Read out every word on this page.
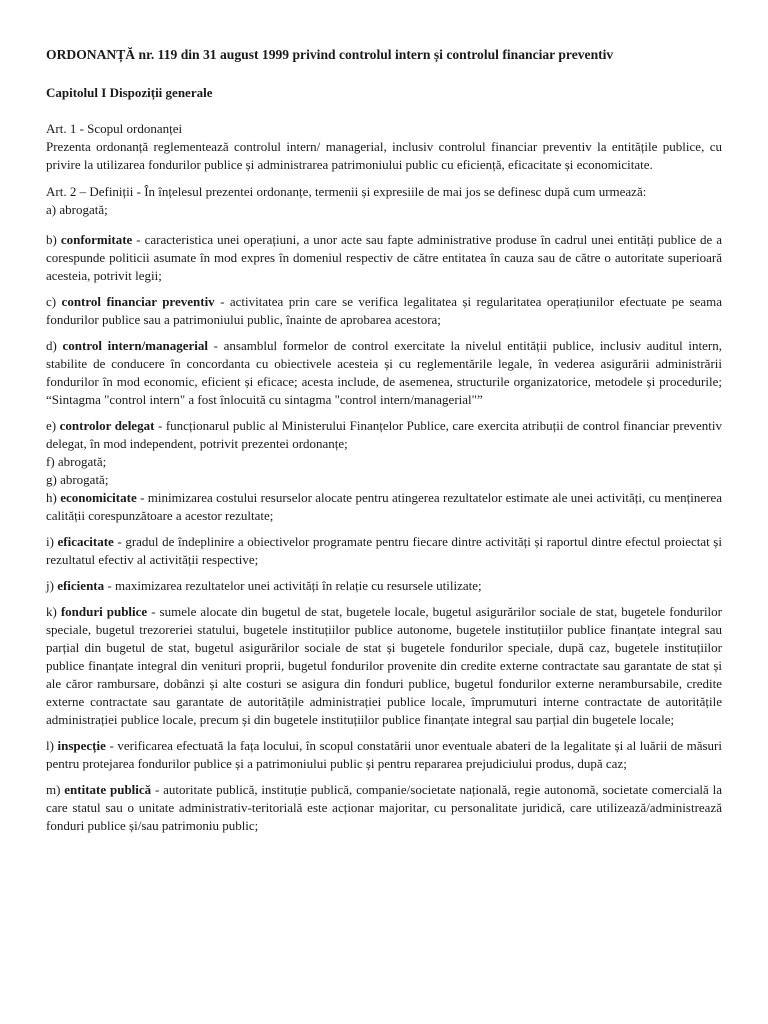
ORDONANȚĂ nr. 119 din 31 august 1999 privind controlul intern și controlul financiar preventiv
Capitolul I Dispoziții generale

Art. 1 - Scopul ordonanței
Prezenta ordonanță reglementează controlul intern/ managerial, inclusiv controlul financiar preventiv la entitățile publice, cu privire la utilizarea fondurilor publice și administrarea patrimoniului public cu eficiență, eficacitate și economicitate.

Art. 2 – Definiții - În înțelesul prezentei ordonanțe, termenii și expresiile de mai jos se definesc după cum urmează:
a) abrogată;

b) conformitate - caracteristica unei operațiuni, a unor acte sau fapte administrative produse în cadrul unei entități publice de a corespunde politicii asumate în mod expres în domeniul respectiv de către entitatea în cauza sau de către o autoritate superioară acesteia, potrivit legii;

c) control financiar preventiv - activitatea prin care se verifica legalitatea și regularitatea operațiunilor efectuate pe seama fondurilor publice sau a patrimoniului public, înainte de aprobarea acestora;

d) control intern/managerial - ansamblul formelor de control exercitate la nivelul entității publice, inclusiv auditul intern, stabilite de conducere în concordanta cu obiectivele acesteia și cu reglementările legale, în vederea asigurării administrării fondurilor în mod economic, eficient și eficace; acesta include, de asemenea, structurile organizatorice, metodele și procedurile; “Sintagma "control intern" a fost înlocuită cu sintagma "control intern/managerial"”

e) controlor delegat - funcționarul public al Ministerului Finanțelor Publice, care exercita atribuții de control financiar preventiv delegat, în mod independent, potrivit prezentei ordonanțe;
f) abrogată;
g) abrogată;
h) economicitate - minimizarea costului resurselor alocate pentru atingerea rezultatelor estimate ale unei activități, cu menținerea calității corespunzătoare a acestor rezultate;

i) eficacitate - gradul de îndeplinire a obiectivelor programate pentru fiecare dintre activități și raportul dintre efectul proiectat și rezultatul efectiv al activității respective;

j) eficienta - maximizarea rezultatelor unei activități în relație cu resursele utilizate;

k) fonduri publice - sumele alocate din bugetul de stat, bugetele locale, bugetul asigurărilor sociale de stat, bugetele fondurilor speciale, bugetul trezoreriei statului, bugetele instituțiilor publice autonome, bugetele instituțiilor publice finanțate integral sau parțial din bugetul de stat, bugetul asigurărilor sociale de stat și bugetele fondurilor speciale, după caz, bugetele instituțiilor publice finanțate integral din venituri proprii, bugetul fondurilor provenite din credite externe contractate sau garantate de stat și ale căror rambursare, dobânzi și alte costuri se asigura din fonduri publice, bugetul fondurilor externe nerambursabile, credite externe contractate sau garantate de autoritățile administrației publice locale, împrumuturi interne contractate de autoritățile administrației publice locale, precum și din bugetele instituțiilor publice finanțate integral sau parțial din bugetele locale;

l) inspecție - verificarea efectuată la fața locului, în scopul constatării unor eventuale abateri de la legalitate și al luării de măsuri pentru protejarea fondurilor publice și a patrimoniului public și pentru repararea prejudiciului produs, după caz;

m) entitate publică - autoritate publică, instituție publică, companie/societate națională, regie autonomă, societate comercială la care statul sau o unitate administrativ-teritorială este acționar majoritar, cu personalitate juridică, care utilizează/administrează fonduri publice și/sau patrimoniu public;
